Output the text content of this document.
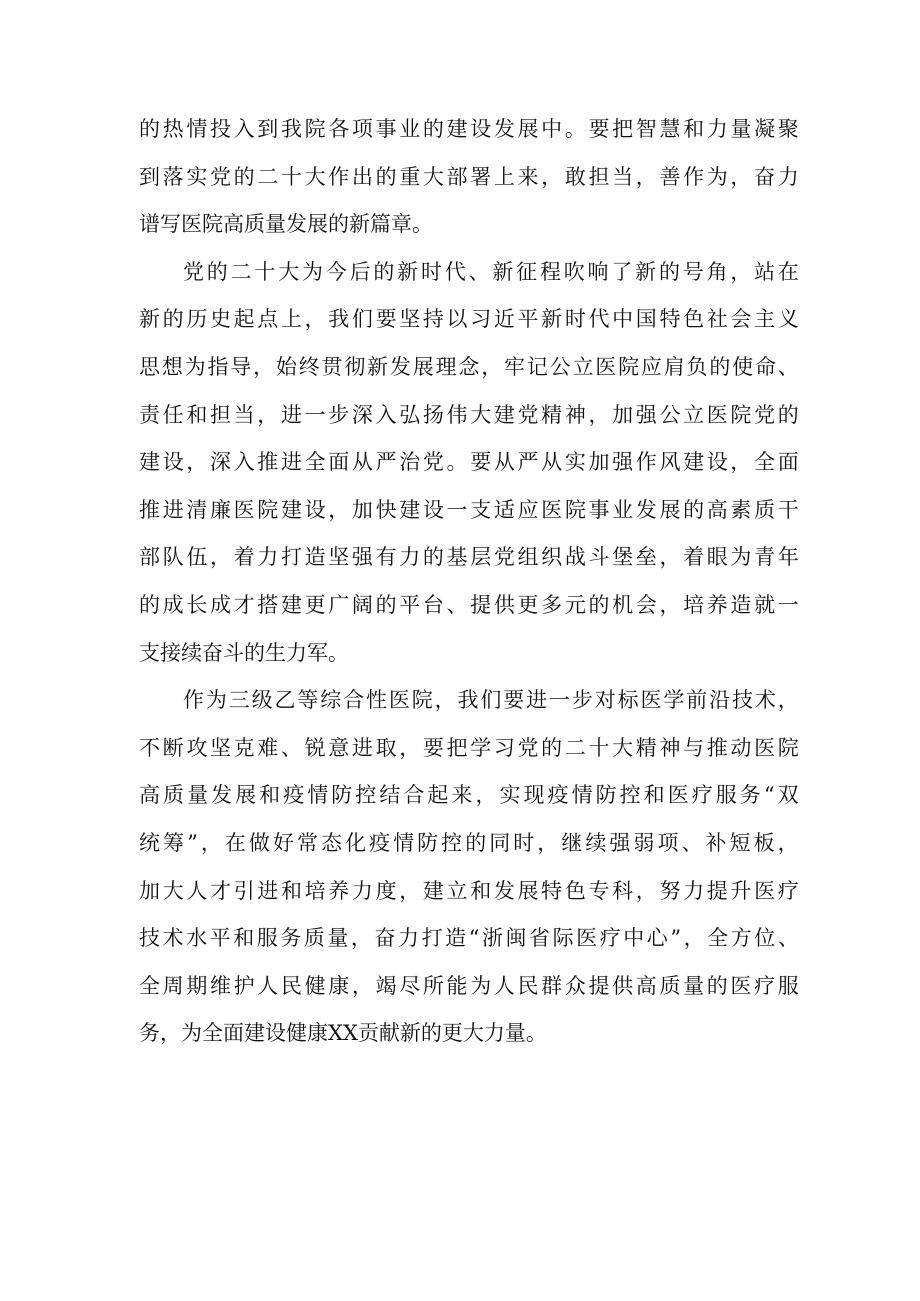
的 热 情 投 入 到 我 院 各 项 事 业 的 建 设 发 展 中 。 要 把 智 慧 和 力 量 凝 聚
到 落 实 党 的 二 十 大 作 出 的 重 大 部 署 上 来 ， 敢 担 当 ， 善 作 为 ， 奋 力
谱写医院高质量发展的新篇章。
党 的 二 十 大 为 今 后 的 新 时 代 、 新 征 程 吹 响 了 新 的 号 角 ， 站 在
新 的 历 史 起 点 上 ， 我 们 要 坚 持 以 习 近 平 新 时 代 中 国 特 色 社 会 主 义
思 想 为 指 导 ， 始 终 贯 彻 新 发 展 理 念 ， 牢 记 公 立 医 院 应 肩 负 的 使 命 、
责 任 和 担 当 ， 进 一 步 深 入 弘 扬 伟 大 建 党 精 神 ， 加 强 公 立 医 院 党 的
建 设 ， 深 入 推 进 全 面 从 严 治 党 。 要 从 严 从 实 加 强 作 风 建 设 ， 全 面
推 进 清 廉 医 院 建 设 ， 加 快 建 设 一 支 适 应 医 院 事 业 发 展 的 高 素 质 干
部 队 伍 ， 着 力 打 造 坚 强 有 力 的 基 层 党 组 织 战 斗 堡 垒 ， 着 眼 为 青 年
的 成 长 成 才 搭 建 更 广 阔 的 平 台 、 提 供 更 多 元 的 机 会 ， 培 养 造 就 一
支接续奋斗的生力军。
作 为 三 级 乙 等 综 合 性 医 院 ， 我 们 要 进 一 步 对 标 医 学 前 沿 技 术 ，
不 断 攻 坚 克 难 、 锐 意 进 取 ， 要 把 学 习 党 的 二 十 大 精 神 与 推 动 医 院
高 质 量 发 展 和 疫 情 防 控 结 合 起 来 ， 实 现 疫 情 防 控 和 医 疗 服 务 “ 双
统 筹 ” ， 在 做 好 常 态 化 疫 情 防 控 的 同 时 ， 继 续 强 弱 项 、 补 短 板 ，
加 大 人 才 引 进 和 培 养 力 度 ， 建 立 和 发 展 特 色 专 科 ， 努 力 提 升 医 疗
技 术 水 平 和 服 务 质 量 ， 奋 力 打 造 “ 浙 闽 省 际 医 疗 中 心 ” ， 全 方 位 、
全 周 期 维 护 人 民 健 康 ， 竭 尽 所 能 为 人 民 群 众 提 供 高 质 量 的 医 疗 服
务，为全面建设健康XX贡献新的更大力量。
